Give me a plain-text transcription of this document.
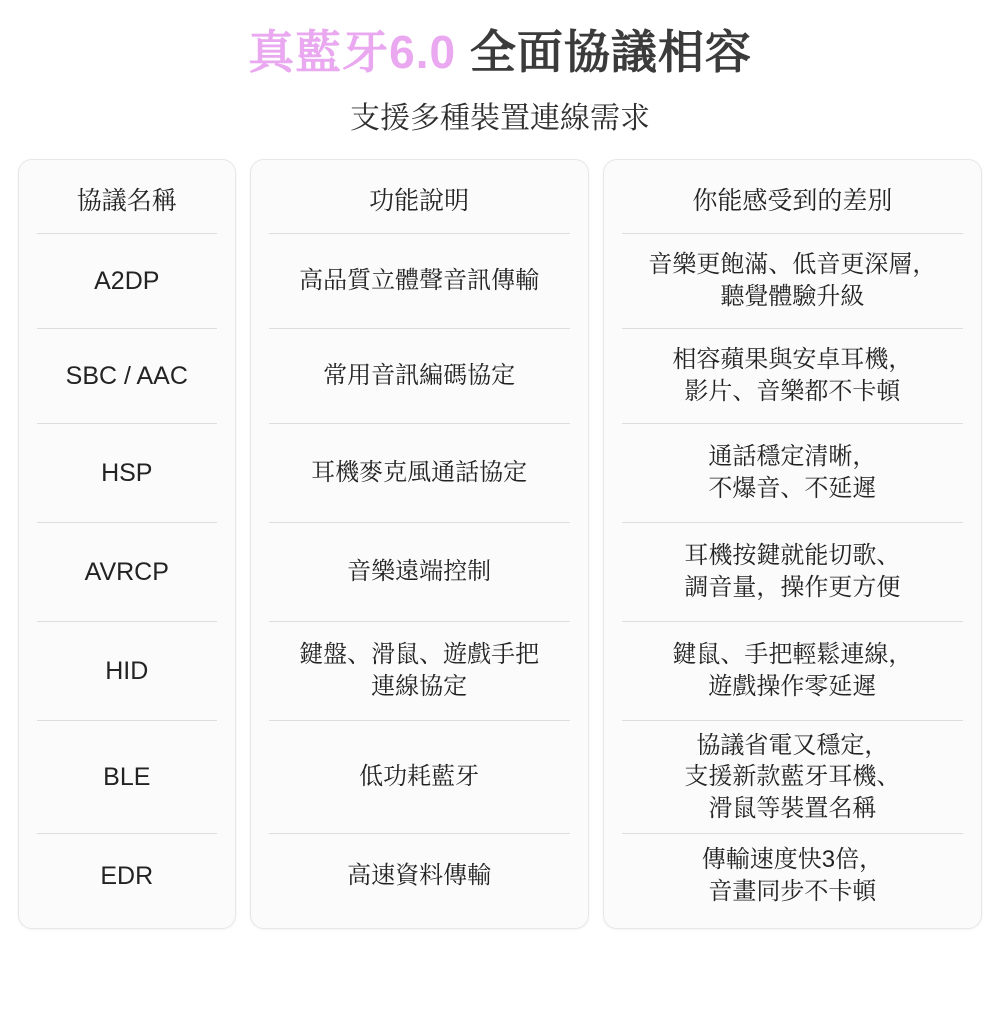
真藍牙6.0 全面協議相容
支援多種裝置連線需求
協議名稱
A2DP
SBC / AAC
HSP
AVRCP
HID
BLE
EDR
功能說明
高品質立體聲音訊傳輸
常用音訊編碼協定
耳機麥克風通話協定
音樂遠端控制
鍵盤、滑鼠、遊戲手把
連線協定
低功耗藍牙
高速資料傳輸
你能感受到的差別
音樂更飽滿、低音更深層，
聽覺體驗升級
相容蘋果與安卓耳機，
影片、音樂都不卡頓
通話穩定清晰，
不爆音、不延遲
耳機按鍵就能切歌、
調音量，操作更方便
鍵鼠、手把輕鬆連線，
遊戲操作零延遲
協議省電又穩定，
支援新款藍牙耳機、
滑鼠等裝置名稱
傳輸速度快3倍，
音畫同步不卡頓
